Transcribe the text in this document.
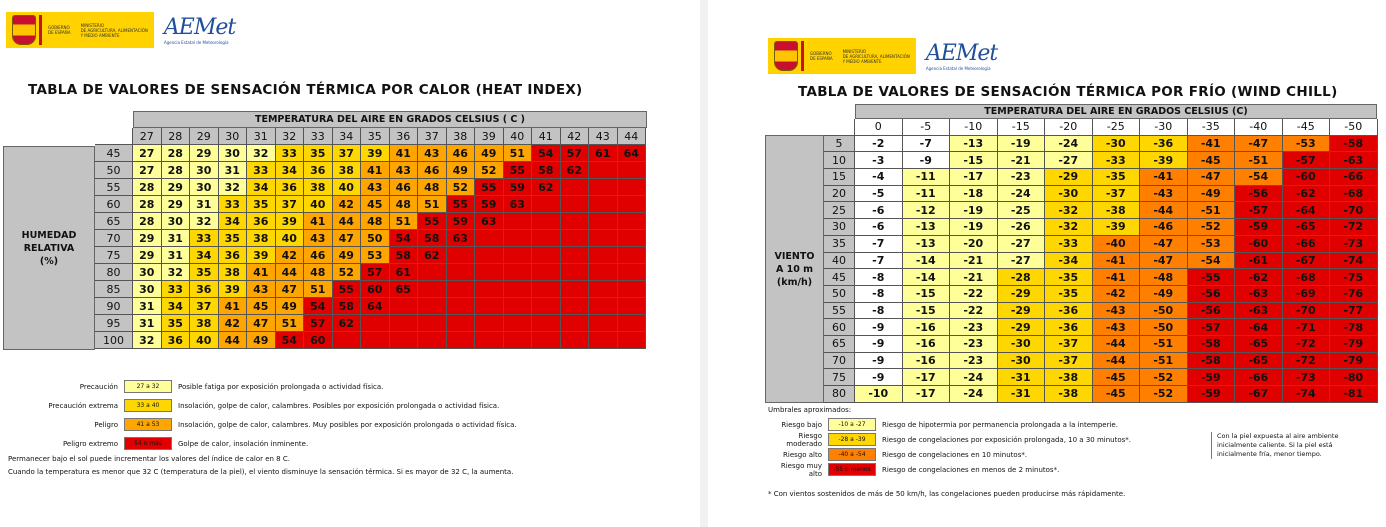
GOBIERNO
DE ESPAÑA
MINISTERIO
DE AGRICULTURA, ALIMENTACIÓN
Y MEDIO AMBIENTE	AEMet
Agencia Estatal de Meteorología
TABLA DE VALORES DE SENSACIÓN TÉRMICA POR CALOR (HEAT INDEX)
TEMPERATURA DEL AIRE EN GRADOS CELSIUS ( C )
HUMEDAD
RELATIVA
(%)
27	28	29	30	31	32	33	34	35	36	37	38	39	40	41	42	43	44
45	27	28	29	30	32	33	35	37	39	41	43	46	49	51	54	57	61	64
50	27	28	30	31	33	34	36	38	41	43	46	49	52	55	58	62
55	28	29	30	32	34	36	38	40	43	46	48	52	55	59	62
60	28	29	31	33	35	37	40	42	45	48	51	55	59	63
65	28	30	32	34	36	39	41	44	48	51	55	59	63
70	29	31	33	35	38	40	43	47	50	54	58	63
75	29	31	34	36	39	42	46	49	53	58	62
80	30	32	35	38	41	44	48	52	57	61
85	30	33	36	39	43	47	51	55	60	65
90	31	34	37	41	45	49	54	58	64
95	31	35	38	42	47	51	57	62
100	32	36	40	44	49	54	60
Precaución	27 a 32	Posible fatiga por exposición prolongada o actividad física.
Precaución extrema	33 a 40	Insolación, golpe de calor, calambres. Posibles por exposición prolongada o actividad física.
Peligro	41 a 53	Insolación, golpe de calor, calambres. Muy posibles por exposición prolongada o actividad física.
Peligro extremo	54 o más	Golpe de calor, insolación inminente.
Permanecer bajo el sol puede incrementar los valores del índice de calor en 8 C.
Cuando la temperatura es menor que 32 C (temperatura de la piel), el viento disminuye la sensación térmica. Si es mayor de 32 C, la aumenta.
GOBIERNO
DE ESPAÑA
MINISTERIO
DE AGRICULTURA, ALIMENTACIÓN
Y MEDIO AMBIENTE	AEMet
Agencia Estatal de Meteorología
TABLA DE VALORES DE SENSACIÓN TÉRMICA POR FRÍO (WIND CHILL)
TEMPERATURA DEL AIRE EN GRADOS CELSIUS (C)
VIENTO
A 10 m
(km/h)
0	-5	-10	-15	-20	-25	-30	-35	-40	-45	-50
5	-2	-7	-13	-19	-24	-30	-36	-41	-47	-53	-58
10	-3	-9	-15	-21	-27	-33	-39	-45	-51	-57	-63
15	-4	-11	-17	-23	-29	-35	-41	-47	-54	-60	-66
20	-5	-11	-18	-24	-30	-37	-43	-49	-56	-62	-68
25	-6	-12	-19	-25	-32	-38	-44	-51	-57	-64	-70
30	-6	-13	-19	-26	-32	-39	-46	-52	-59	-65	-72
35	-7	-13	-20	-27	-33	-40	-47	-53	-60	-66	-73
40	-7	-14	-21	-27	-34	-41	-47	-54	-61	-67	-74
45	-8	-14	-21	-28	-35	-41	-48	-55	-62	-68	-75
50	-8	-15	-22	-29	-35	-42	-49	-56	-63	-69	-76
55	-8	-15	-22	-29	-36	-43	-50	-56	-63	-70	-77
60	-9	-16	-23	-29	-36	-43	-50	-57	-64	-71	-78
65	-9	-16	-23	-30	-37	-44	-51	-58	-65	-72	-79
70	-9	-16	-23	-30	-37	-44	-51	-58	-65	-72	-79
75	-9	-17	-24	-31	-38	-45	-52	-59	-66	-73	-80
80	-10	-17	-24	-31	-38	-45	-52	-59	-67	-74	-81
Umbrales aproximados:
Riesgo bajo	-10 a -27	Riesgo de hipotermia por permanencia prolongada a la intemperie.
Riesgo moderado	-28 a -39	Riesgo de congelaciones por exposición prolongada, 10 a 30 minutos*.
Riesgo alto	-40 a -54	Riesgo de congelaciones en 10 minutos*.
Riesgo muy alto	-55 o menos	Riesgo de congelaciones en menos de 2 minutos*.
Con la piel expuesta al aire ambiente inicialmente caliente. Si la piel está inicialmente fría, menor tiempo.
* Con vientos sostenidos de más de 50 km/h, las congelaciones pueden producirse más rápidamente.
